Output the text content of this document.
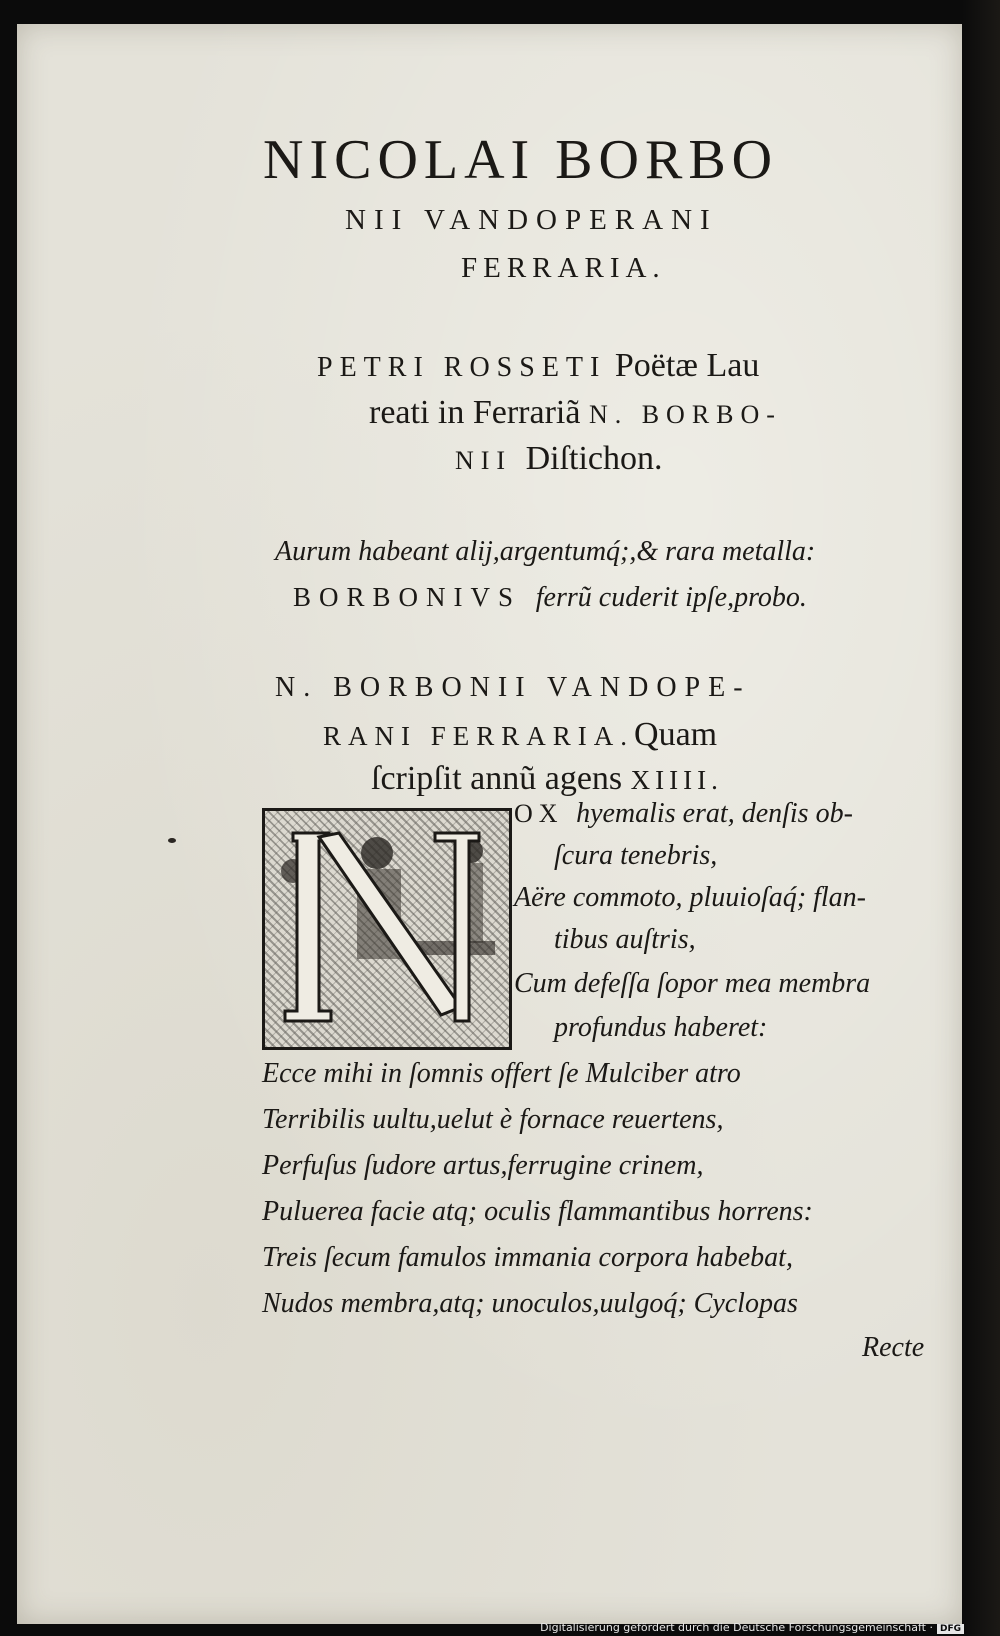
NICOLAI BORBO
NII VANDOPERANI
FERRARIA.
PETRI ROSSETI Poëtæ Lau
reati in Ferrariã N. BORBO-
NII Diſtichon.
Aurum habeant alij,argentumq́;,& rara metalla:
BORBONIVS ferrũ cuderit ipſe,probo.
N. BORBONII VANDOPE-
RANI FERRARIA.Quam
ſcripſit annũ agens XIIII.
N
OX hyemalis erat, denſis ob-
ſcura tenebris,
Aëre commoto, pluuioſaq́; flan-
tibus auſtris,
Cum defeſſa ſopor mea membra
profundus haberet:
Ecce mihi in ſomnis offert ſe Mulciber atro
Terribilis uultu,uelut è fornace reuertens,
Perfuſus ſudore artus,ferrugine crinem,
Puluerea facie atq; oculis flammantibus horrens:
Treis ſecum famulos immania corpora habebat,
Nudos membra,atq; unoculos,uulgoq́; Cyclopas
Recte
Digitalisierung gefördert durch die Deutsche Forschungsgemeinschaft · DFG
